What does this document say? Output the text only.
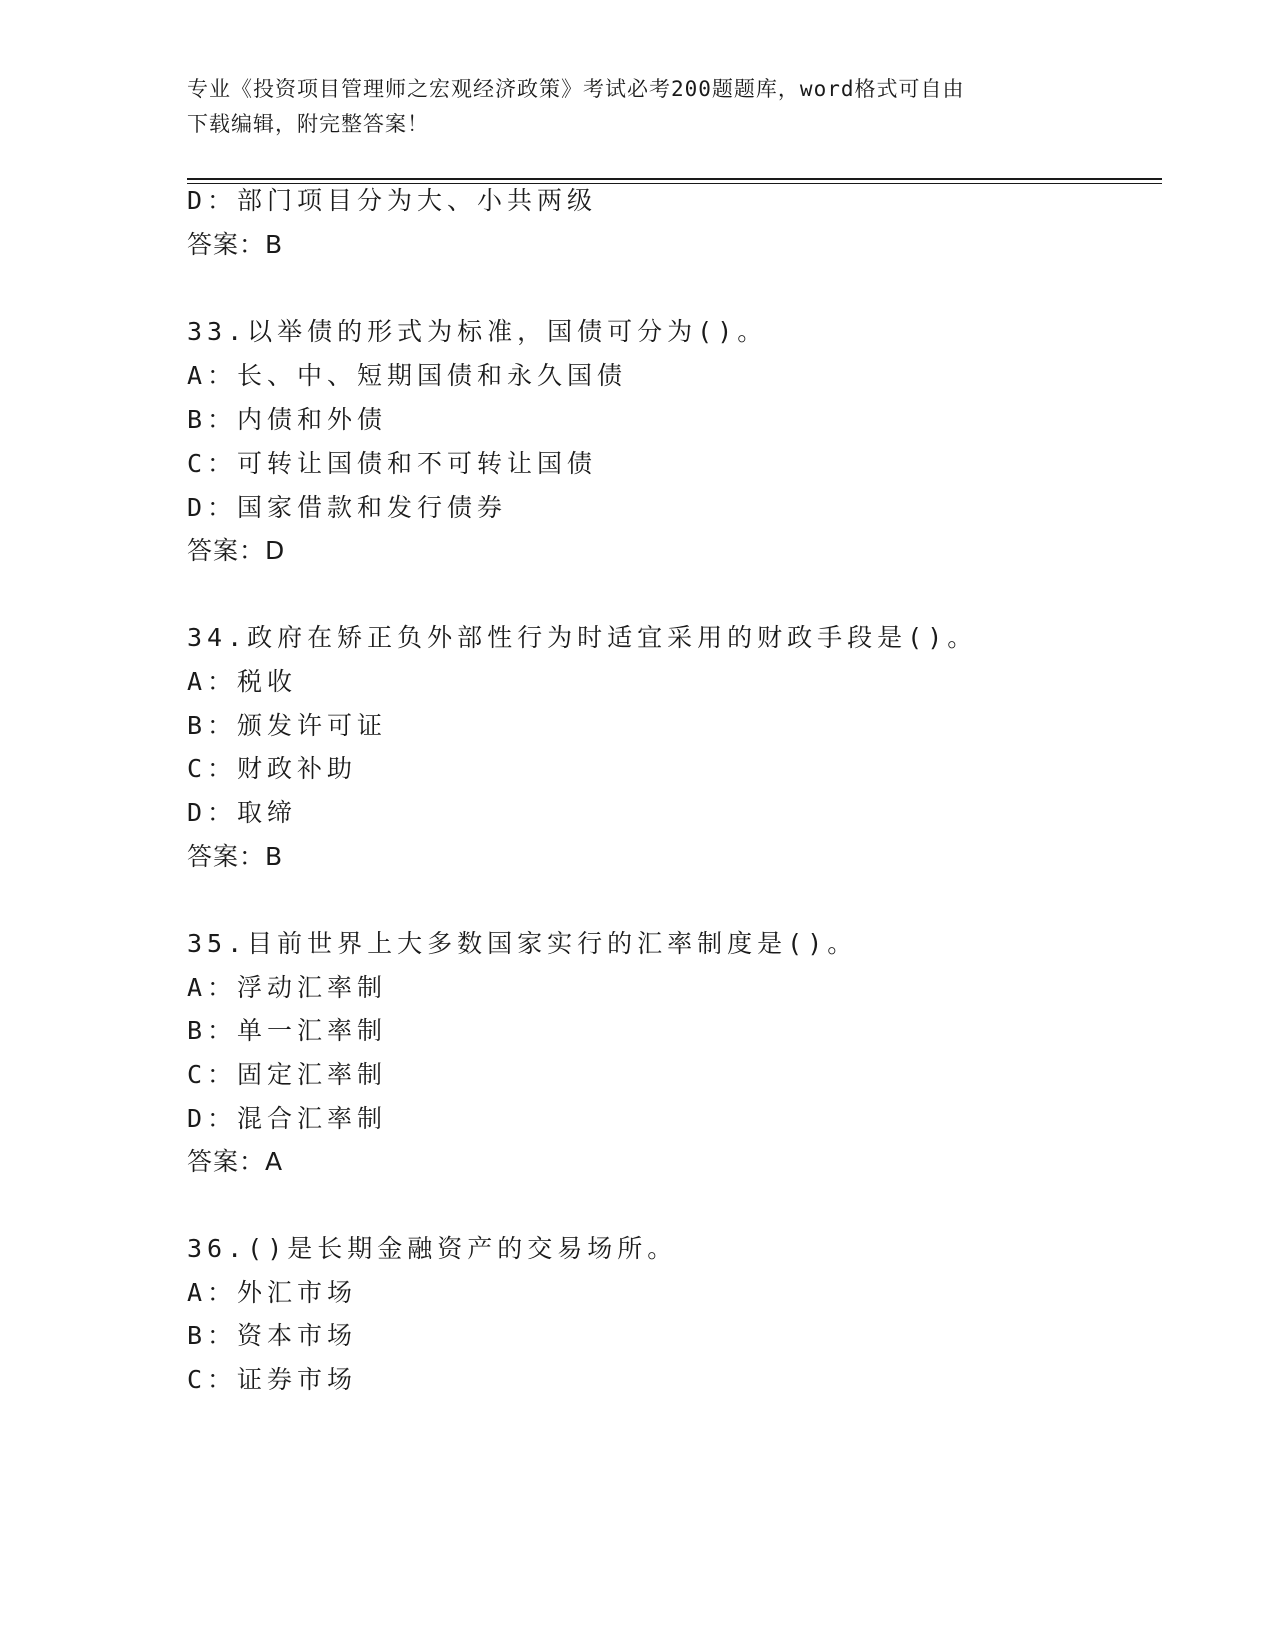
专业《投资项目管理师之宏观经济政策》考试必考200题题库，word格式可自由
下载编辑，附完整答案！
D：部门项目分为大、小共两级
答案：B
33.以举债的形式为标准，国债可分为()。
A：长、中、短期国债和永久国债
B：内债和外债
C：可转让国债和不可转让国债
D：国家借款和发行债券
答案：D
34.政府在矫正负外部性行为时适宜采用的财政手段是()。
A：税收
B：颁发许可证
C：财政补助
D：取缔
答案：B
35.目前世界上大多数国家实行的汇率制度是()。
A：浮动汇率制
B：单一汇率制
C：固定汇率制
D：混合汇率制
答案：A
36.()是长期金融资产的交易场所。
A：外汇市场
B：资本市场
C：证券市场
